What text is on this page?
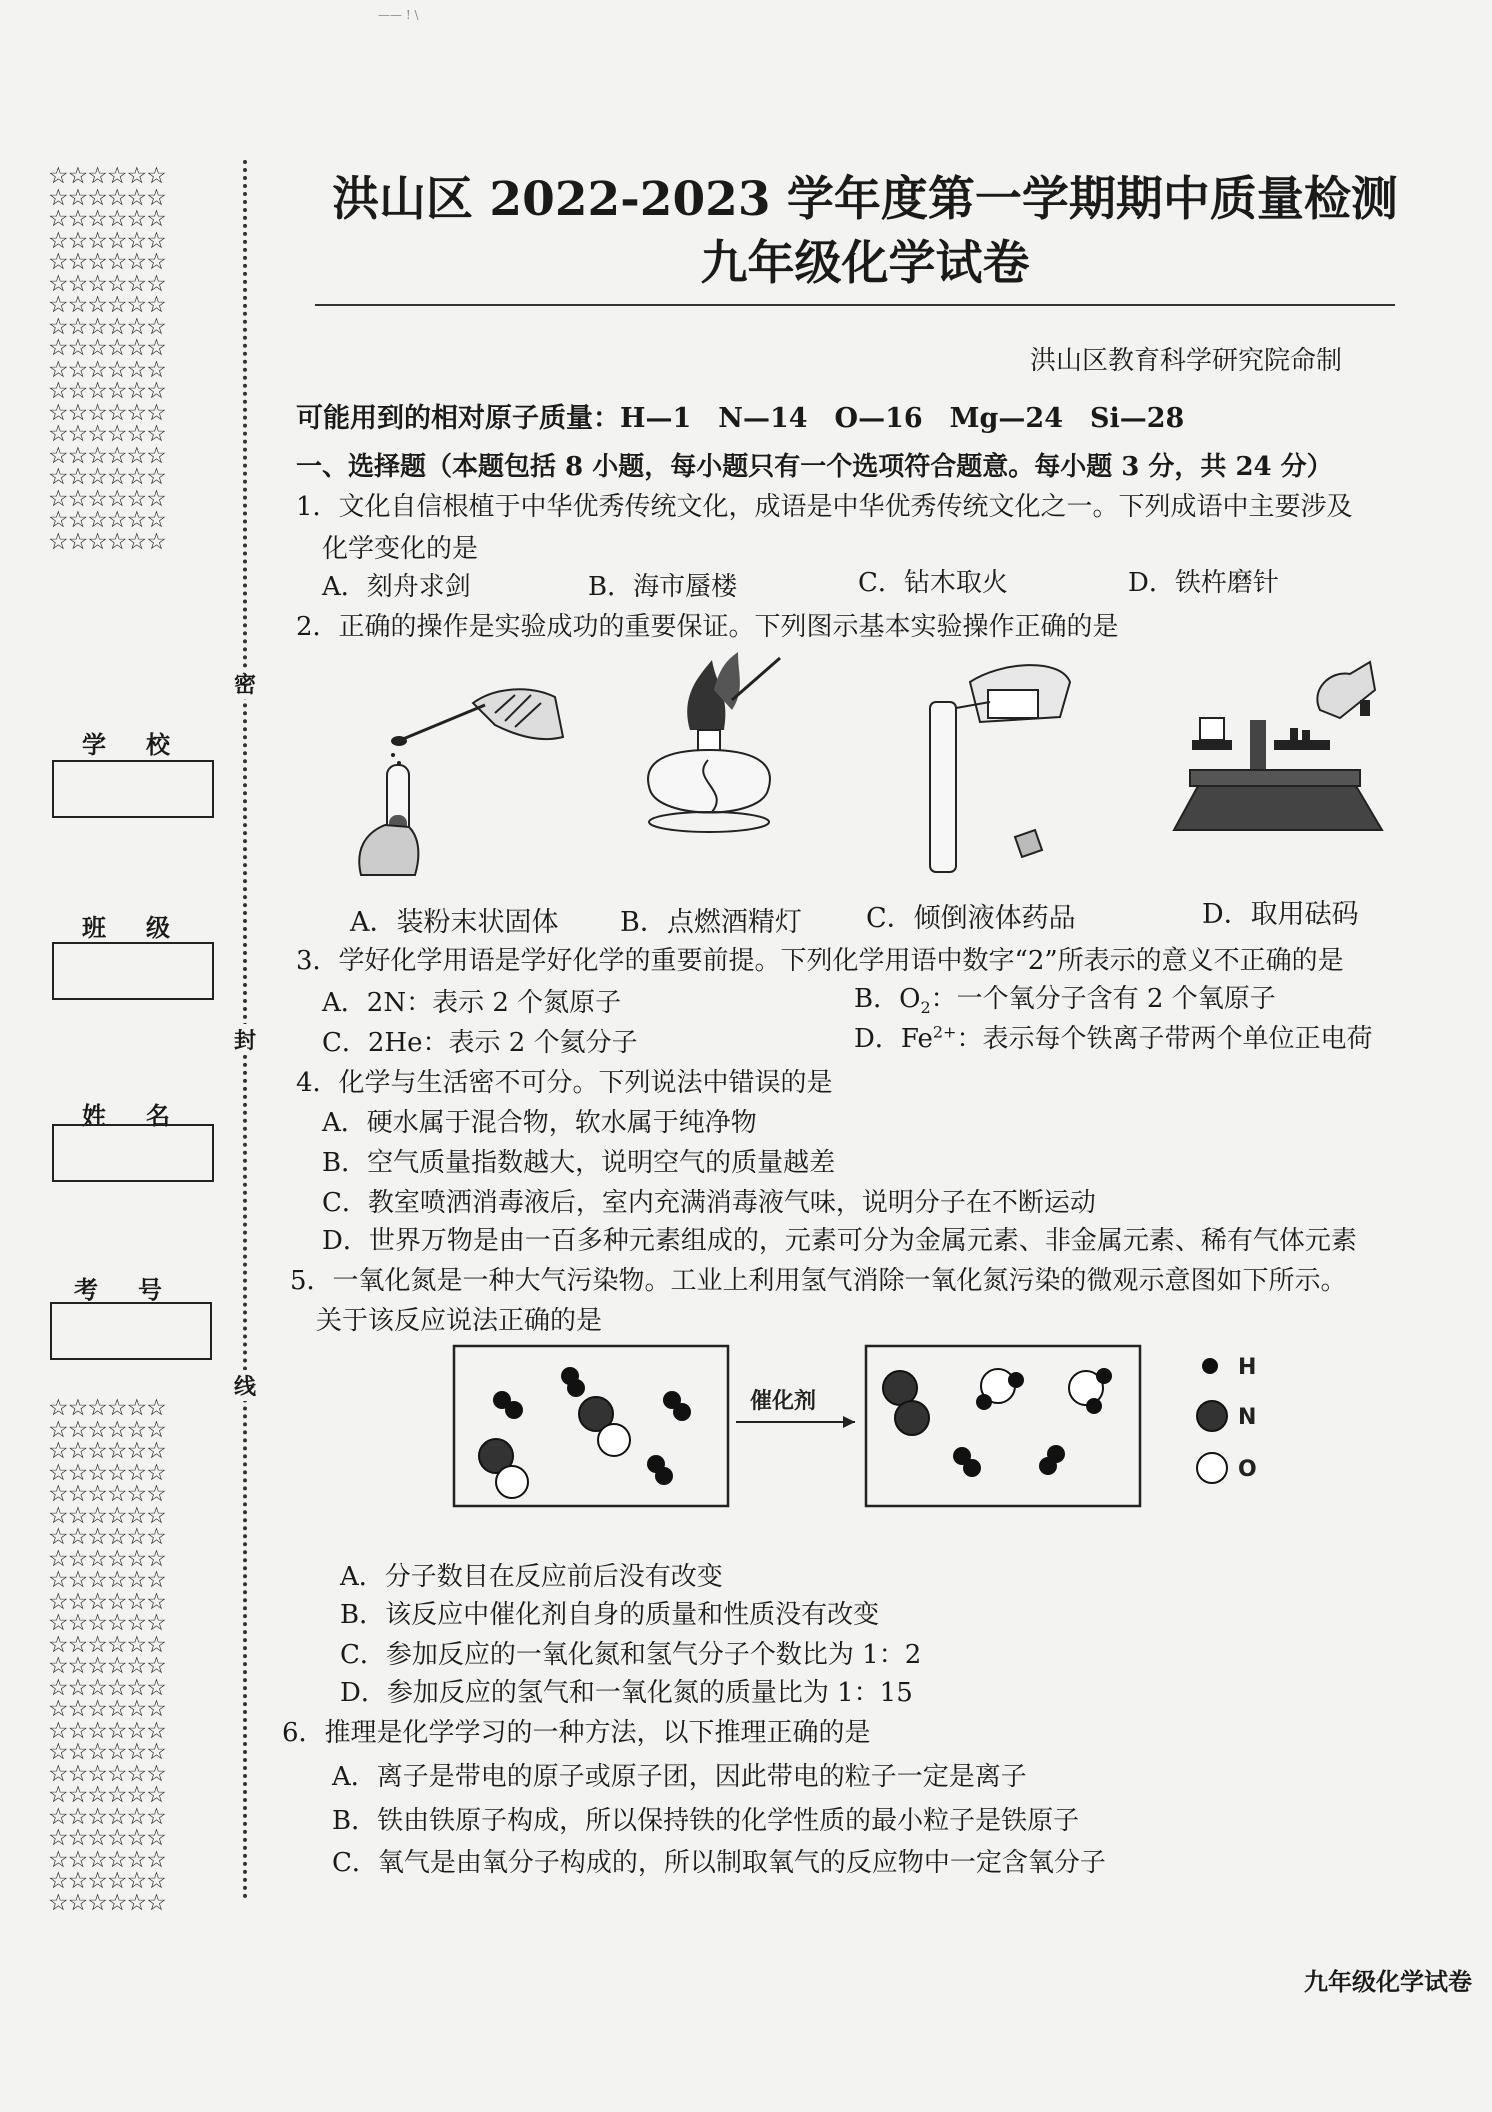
—— ! \
☆☆☆☆☆☆
☆☆☆☆☆☆
☆☆☆☆☆☆
☆☆☆☆☆☆
☆☆☆☆☆☆
☆☆☆☆☆☆
☆☆☆☆☆☆
☆☆☆☆☆☆
☆☆☆☆☆☆
☆☆☆☆☆☆
☆☆☆☆☆☆
☆☆☆☆☆☆
☆☆☆☆☆☆
☆☆☆☆☆☆
☆☆☆☆☆☆
☆☆☆☆☆☆
☆☆☆☆☆☆
☆☆☆☆☆☆
☆☆☆☆☆☆
☆☆☆☆☆☆
☆☆☆☆☆☆
☆☆☆☆☆☆
☆☆☆☆☆☆
☆☆☆☆☆☆
☆☆☆☆☆☆
☆☆☆☆☆☆
☆☆☆☆☆☆
☆☆☆☆☆☆
☆☆☆☆☆☆
☆☆☆☆☆☆
☆☆☆☆☆☆
☆☆☆☆☆☆
☆☆☆☆☆☆
☆☆☆☆☆☆
☆☆☆☆☆☆
☆☆☆☆☆☆
☆☆☆☆☆☆
☆☆☆☆☆☆
☆☆☆☆☆☆
☆☆☆☆☆☆
☆☆☆☆☆☆
☆☆☆☆☆☆
密
封
线
学校
班级
姓名
考号
洪山区 2022-2023 学年度第一学期期中质量检测
九年级化学试卷
洪山区教育科学研究院命制
可能用到的相对原子质量：H—1　N—14　O—16　Mg—24　Si—28
一、选择题（本题包括 8 小题，每小题只有一个选项符合题意。每小题 3 分，共 24 分）
1．文化自信根植于中华优秀传统文化，成语是中华优秀传统文化之一。下列成语中主要涉及
化学变化的是
A．刻舟求剑	B．海市蜃楼	C．钻木取火	D．铁杵磨针
2．正确的操作是实验成功的重要保证。下列图示基本实验操作正确的是
A．装粉末状固体 B．点燃酒精灯 C．倾倒液体药品	D．取用砝码
3．学好化学用语是学好化学的重要前提。下列化学用语中数字“2”所表示的意义不正确的是
A．2N：表示 2 个氮原子	B．$O_2$：一个氧分子含有 2 个氧原子
C．2He：表示 2 个氦分子	D．$Fe^{2+}$：表示每个铁离子带两个单位正电荷
4．化学与生活密不可分。下列说法中错误的是
A．硬水属于混合物，软水属于纯净物
B．空气质量指数越大，说明空气的质量越差
C．教室喷洒消毒液后，室内充满消毒液气味，说明分子在不断运动
D．世界万物是由一百多种元素组成的，元素可分为金属元素、非金属元素、稀有气体元素
5．一氧化氮是一种大气污染物。工业上利用氢气消除一氧化氮污染的微观示意图如下所示。
关于该反应说法正确的是
催化剂
H
N
O
A．分子数目在反应前后没有改变
B．该反应中催化剂自身的质量和性质没有改变
C．参加反应的一氧化氮和氢气分子个数比为 1：2
D．参加反应的氢气和一氧化氮的质量比为 1：15
6．推理是化学学习的一种方法，以下推理正确的是
A．离子是带电的原子或原子团，因此带电的粒子一定是离子
B．铁由铁原子构成，所以保持铁的化学性质的最小粒子是铁原子
C．氧气是由氧分子构成的，所以制取氧气的反应物中一定含氧分子
九年级化学试卷
